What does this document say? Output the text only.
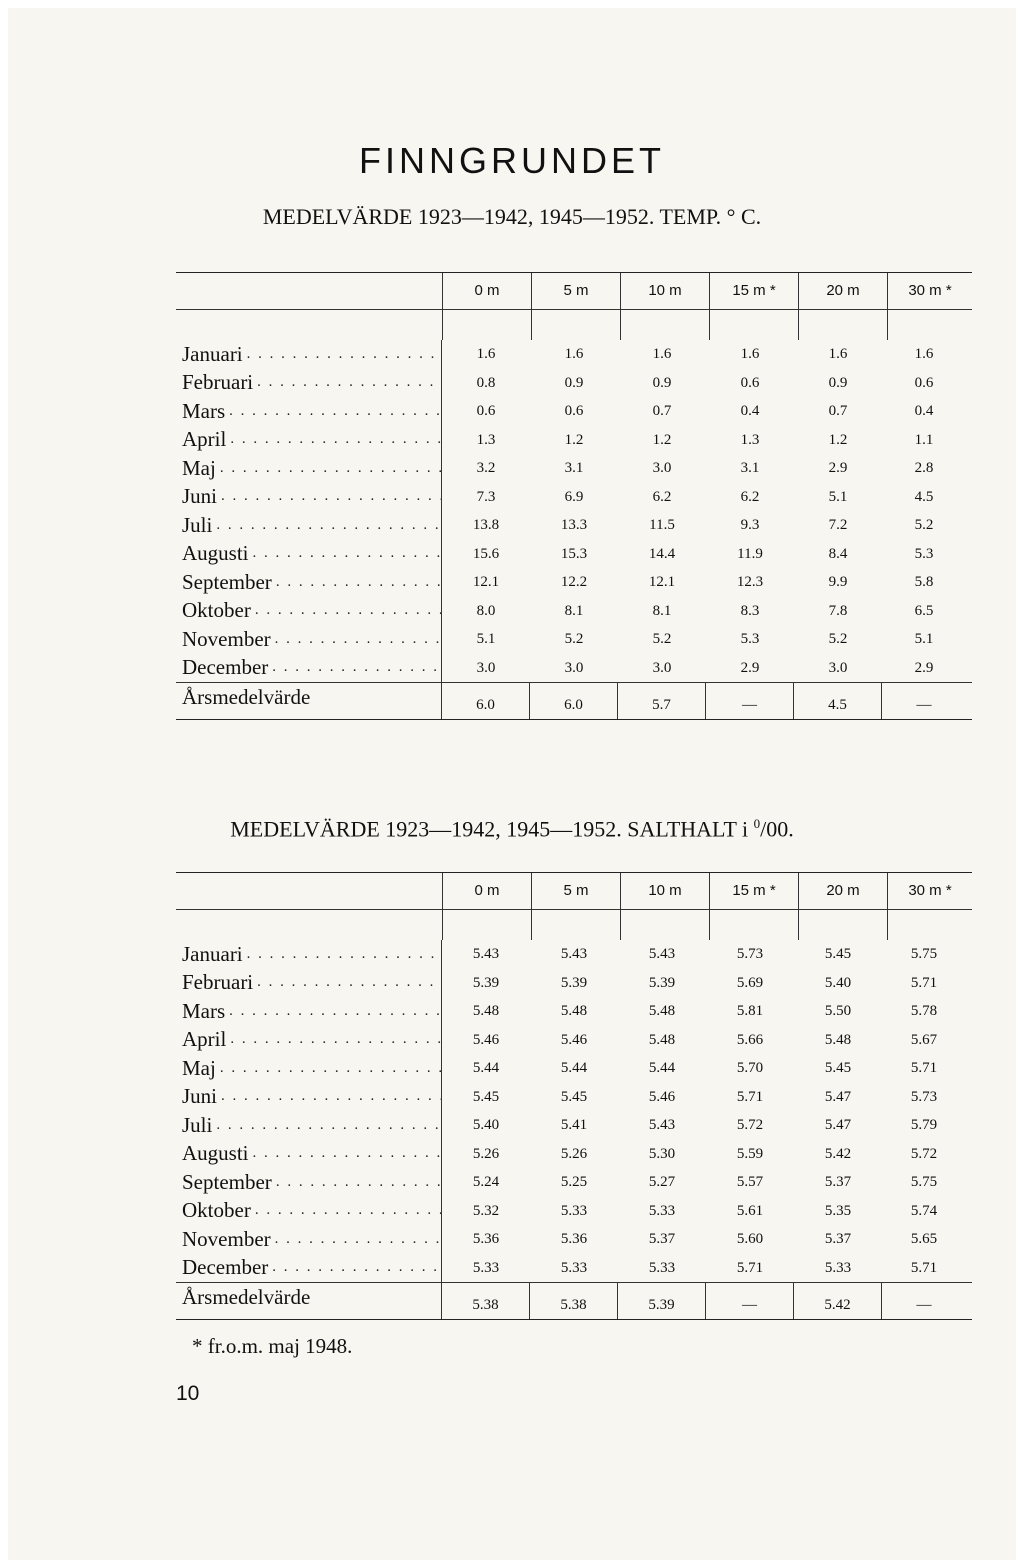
FINNGRUNDET
MEDELVÄRDE 1923—1942, 1945—1952. TEMP. ° C.
0 m	5 m	10 m	15 m *	20 m	30 m *
Januari . . .	1.6	1.6	1.6	1.6	1.6	1.6
Februari . . .	0.8	0.9	0.9	0.6	0.9	0.6
Mars . . .	0.6	0.6	0.7	0.4	0.7	0.4
April . . .	1.3	1.2	1.2	1.3	1.2	1.1
Maj . . .	3.2	3.1	3.0	3.1	2.9	2.8
Juni . . .	7.3	6.9	6.2	6.2	5.1	4.5
Juli . . .	13.8	13.3	11.5	9.3	7.2	5.2
Augusti . . .	15.6	15.3	14.4	11.9	8.4	5.3
September . . .	12.1	12.2	12.1	12.3	9.9	5.8
Oktober . . .	8.0	8.1	8.1	8.3	7.8	6.5
November . . .	5.1	5.2	5.2	5.3	5.2	5.1
December . . .	3.0	3.0	3.0	2.9	3.0	2.9
Årsmedelvärde	6.0	6.0	5.7	—	4.5	—
MEDELVÄRDE 1923—1942, 1945—1952. SALTHALT i $^0$/00.
0 m	5 m	10 m	15 m *	20 m	30 m *
Januari . . .	5.43	5.43	5.43	5.73	5.45	5.75
Februari . . .	5.39	5.39	5.39	5.69	5.40	5.71
Mars . . .	5.48	5.48	5.48	5.81	5.50	5.78
April . . .	5.46	5.46	5.48	5.66	5.48	5.67
Maj . . .	5.44	5.44	5.44	5.70	5.45	5.71
Juni . . .	5.45	5.45	5.46	5.71	5.47	5.73
Juli . . .	5.40	5.41	5.43	5.72	5.47	5.79
Augusti . . .	5.26	5.26	5.30	5.59	5.42	5.72
September . . .	5.24	5.25	5.27	5.57	5.37	5.75
Oktober . . .	5.32	5.33	5.33	5.61	5.35	5.74
November . . .	5.36	5.36	5.37	5.60	5.37	5.65
December . . .	5.33	5.33	5.33	5.71	5.33	5.71
Årsmedelvärde	5.38	5.38	5.39	—	5.42	—
* fr.o.m. maj 1948.
10
